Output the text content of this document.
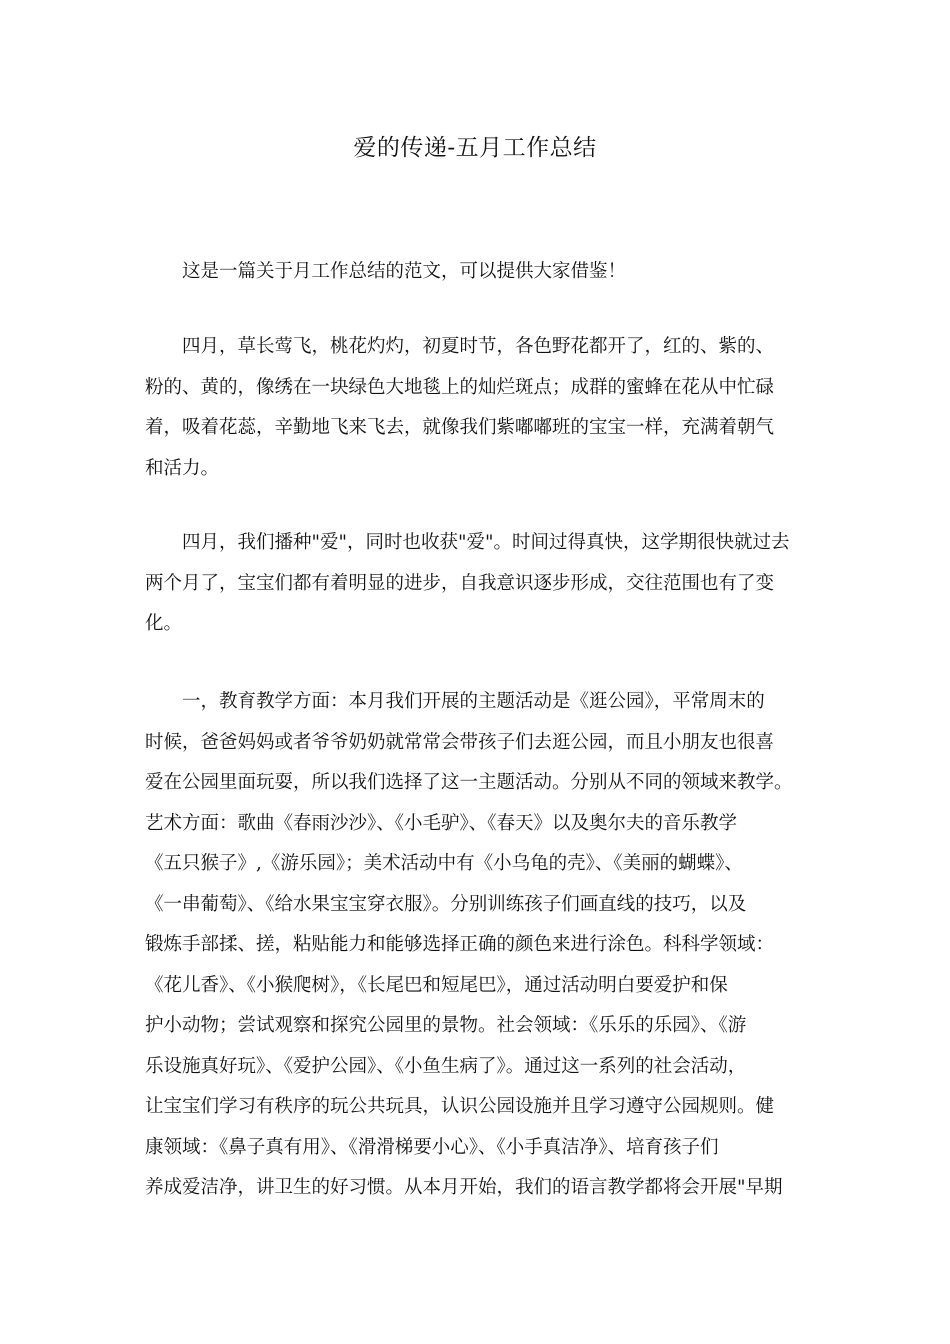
爱的传递-五月工作总结
这是一篇关于月工作总结的范文，可以提供大家借鉴！
四月，草长莺飞，桃花灼灼，初夏时节，各色野花都开了，红的、紫的、
粉的、黄的，像绣在一块绿色大地毯上的灿烂斑点；成群的蜜蜂在花从中忙碌
着，吸着花蕊，辛勤地飞来飞去，就像我们紫嘟嘟班的宝宝一样，充满着朝气
和活力。
四月，我们播种"爱"，同时也收获"爱"。时间过得真快，这学期很快就过去
两个月了，宝宝们都有着明显的进步，自我意识逐步形成，交往范围也有了变
化。
一，教育教学方面：本月我们开展的主题活动是《逛公园》，平常周末的
时候，爸爸妈妈或者爷爷奶奶就常常会带孩子们去逛公园，而且小朋友也很喜
爱在公园里面玩耍，所以我们选择了这一主题活动。分别从不同的领域来教学。
艺术方面：歌曲《春雨沙沙》、《小毛驴》、《春天》以及奥尔夫的音乐教学
《五只猴子》,《游乐园》；美术活动中有《小乌龟的壳》、《美丽的蝴蝶》、
《一串葡萄》、《给水果宝宝穿衣服》。分别训练孩子们画直线的技巧，以及
锻炼手部揉、搓，粘贴能力和能够选择正确的颜色来进行涂色。科科学领域：
《花儿香》、《小猴爬树》，《长尾巴和短尾巴》，通过活动明白要爱护和保
护小动物；尝试观察和探究公园里的景物。社会领域：《乐乐的乐园》、《游
乐设施真好玩》、《爱护公园》、《小鱼生病了》。通过这一系列的社会活动，
让宝宝们学习有秩序的玩公共玩具，认识公园设施并且学习遵守公园规则。健
康领域：《鼻子真有用》、《滑滑梯要小心》、《小手真洁净》、培育孩子们
养成爱洁净，讲卫生的好习惯。从本月开始，我们的语言教学都将会开展"早期
